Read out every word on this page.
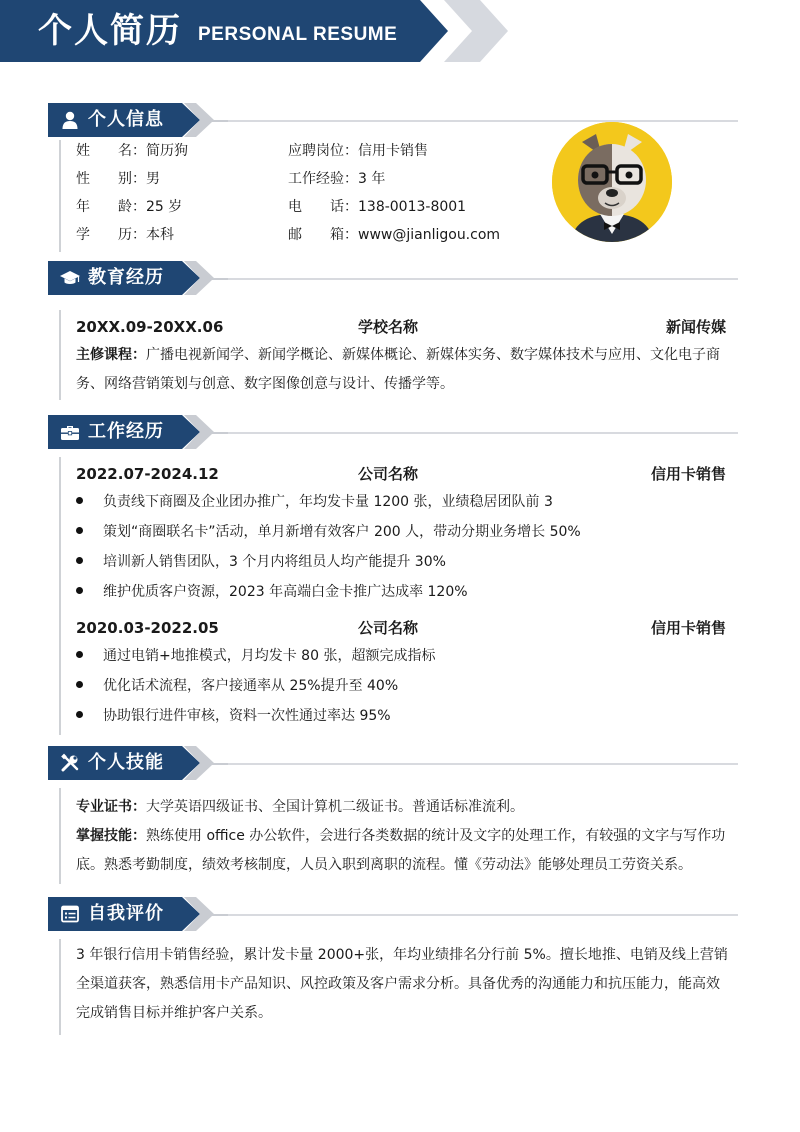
个人简历 PERSONAL RESUME
个人信息
姓　　名：简历狗
性　　别：男
年　　龄：25 岁
学　　历：本科
应聘岗位：信用卡销售
工作经验：3 年
电　　话：138-0013-8001
邮　　箱：www@jianligou.com
教育经历
20XX.09-20XX.06	学校名称	新闻传媒
主修课程：广播电视新闻学、新闻学概论、新媒体概论、新媒体实务、数字媒体技术与应用、文化电子商务、网络营销策划与创意、数字图像创意与设计、传播学等。
工作经历
2022.07-2024.12	公司名称	信用卡销售
负责线下商圈及企业团办推广，年均发卡量 1200 张，业绩稳居团队前 3
策划“商圈联名卡”活动，单月新增有效客户 200 人，带动分期业务增长 50%
培训新人销售团队，3 个月内将组员人均产能提升 30%
维护优质客户资源，2023 年高端白金卡推广达成率 120%
2020.03-2022.05	公司名称	信用卡销售
通过电销+地推模式，月均发卡 80 张，超额完成指标
优化话术流程，客户接通率从 25%提升至 40%
协助银行进件审核，资料一次性通过率达 95%
个人技能
专业证书：大学英语四级证书、全国计算机二级证书。普通话标准流利。
掌握技能：熟练使用 office 办公软件，会进行各类数据的统计及文字的处理工作，有较强的文字与写作功底。熟悉考勤制度，绩效考核制度，人员入职到离职的流程。懂《劳动法》能够处理员工劳资关系。
自我评价
3 年银行信用卡销售经验，累计发卡量 2000+张，年均业绩排名分行前 5%。擅长地推、电销及线上营销全渠道获客，熟悉信用卡产品知识、风控政策及客户需求分析。具备优秀的沟通能力和抗压能力，能高效完成销售目标并维护客户关系。
